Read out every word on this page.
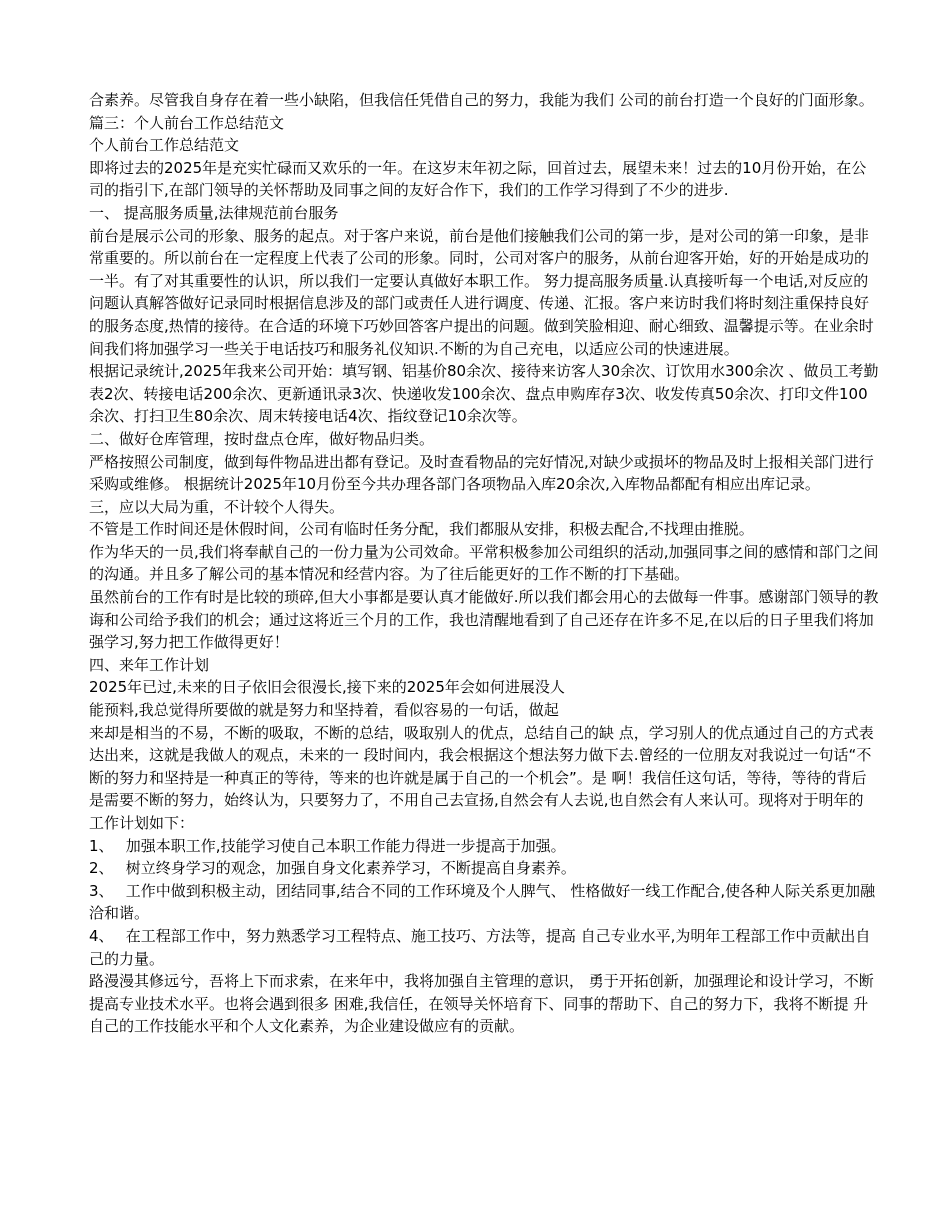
合素养。尽管我自身存在着一些小缺陷，但我信任凭借自己的努力，我能为我们 公司的前台打造一个良好的门面形象。篇三：个人前台工作总结范文

个人前台工作总结范文

即将过去的2025年是充实忙碌而又欢乐的一年。在这岁末年初之际，回首过去，展望未来！过去的10月份开始，在公司的指引下,在部门领导的关怀帮助及同事之间的友好合作下，我们的工作学习得到了不少的进步.

一、 提高服务质量,法律规范前台服务

前台是展示公司的形象、服务的起点。对于客户来说，前台是他们接触我们公司的第一步，是对公司的第一印象，是非常重要的。所以前台在一定程度上代表了公司的形象。同时，公司对客户的服务，从前台迎客开始，好的开始是成功的一半。有了对其重要性的认识，所以我们一定要认真做好本职工作。 努力提高服务质量.认真接听每一个电话,对反应的问题认真解答做好记录同时根据信息涉及的部门或责任人进行调度、传递、汇报。客户来访时我们将时刻注重保持良好的服务态度,热情的接待。在合适的环境下巧妙回答客户提出的问题。做到笑脸相迎、耐心细致、温馨提示等。在业余时间我们将加强学习一些关于电话技巧和服务礼仪知识.不断的为自己充电，以适应公司的快速进展。

根据记录统计,2025年我来公司开始：填写钢、铝基价80余次、接待来访客人30余次、订饮用水300余次 、做员工考勤表2次、转接电话200余次、更新通讯录3次、快递收发100余次、盘点申购库存3次、收发传真50余次、打印文件100余次、打扫卫生80余次、周末转接电话4次、指纹登记10余次等。

二、做好仓库管理，按时盘点仓库，做好物品归类。

严格按照公司制度，做到每件物品进出都有登记。及时查看物品的完好情况,对缺少或损坏的物品及时上报相关部门进行采购或维修。 根据统计2025年10月份至今共办理各部门各项物品入库20余次,入库物品都配有相应出库记录。

三，应以大局为重，不计较个人得失。

不管是工作时间还是休假时间，公司有临时任务分配，我们都服从安排，积极去配合,不找理由推脱。

作为华天的一员,我们将奉献自己的一份力量为公司效命。平常积极参加公司组织的活动,加强同事之间的感情和部门之间的沟通。并且多了解公司的基本情况和经营内容。为了往后能更好的工作不断的打下基础。

虽然前台的工作有时是比较的琐碎,但大小事都是要认真才能做好.所以我们都会用心的去做每一件事。感谢部门领导的教诲和公司给予我们的机会；通过这将近三个月的工作，我也清醒地看到了自己还存在许多不足,在以后的日子里我们将加强学习,努力把工作做得更好！

四、来年工作计划

2025年已过,未来的日子依旧会很漫长,接下来的2025年会如何进展没人

能预料,我总觉得所要做的就是努力和坚持着，看似容易的一句话，做起

来却是相当的不易，不断的吸取，不断的总结，吸取别人的优点，总结自己的缺 点，学习别人的优点通过自己的方式表达出来，这就是我做人的观点，未来的一 段时间内，我会根据这个想法努力做下去.曾经的一位朋友对我说过一句话“不 断的努力和坚持是一种真正的等待，等来的也许就是属于自己的一个机会”。是 啊！我信任这句话，等待，等待的背后是需要不断的努力，始终认为，只要努力了，不用自己去宣扬,自然会有人去说,也自然会有人来认可。现将对于明年的 工作计划如下：

1、　 加强本职工作,技能学习使自己本职工作能力得进一步提高于加强。

2、　 树立终身学习的观念，加强自身文化素养学习，不断提高自身素养。

3、　 工作中做到积极主动，团结同事,结合不同的工作环境及个人脾气、 性格做好一线工作配合,使各种人际关系更加融洽和谐。

4、　 在工程部工作中，努力熟悉学习工程特点、施工技巧、方法等，提高 自己专业水平,为明年工程部工作中贡献出自己的力量。

路漫漫其修远兮，吾将上下而求索，在来年中，我将加强自主管理的意识， 勇于开拓创新，加强理论和设计学习，不断提高专业技术水平。也将会遇到很多 困难,我信任，在领导关怀培育下、同事的帮助下、自己的努力下，我将不断提 升自己的工作技能水平和个人文化素养，为企业建设做应有的贡献。
